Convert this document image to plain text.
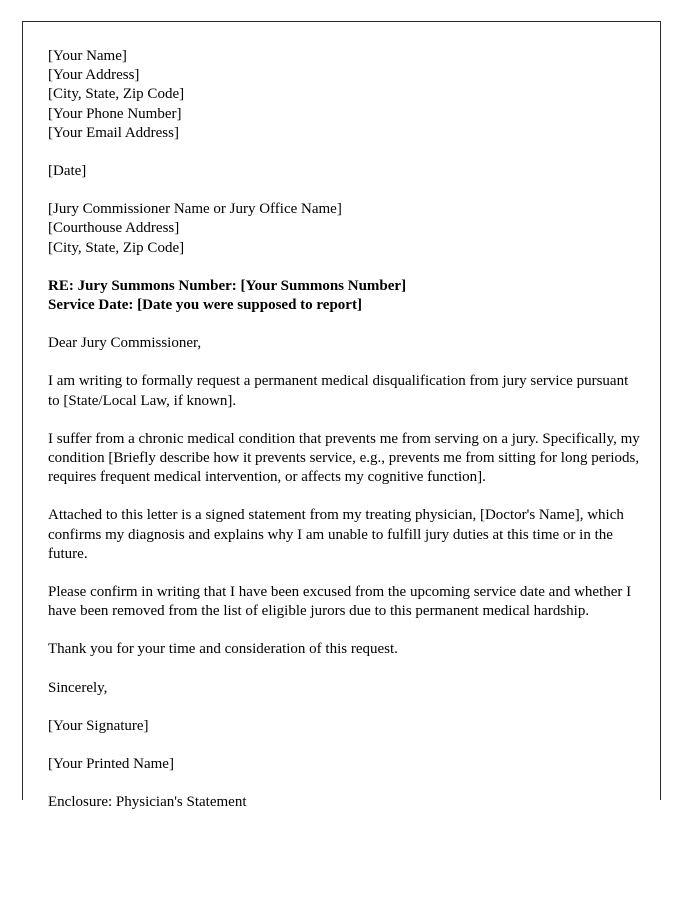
[Your Name]
[Your Address]
[City, State, Zip Code]
[Your Phone Number]
[Your Email Address]
[Date]
[Jury Commissioner Name or Jury Office Name]
[Courthouse Address]
[City, State, Zip Code]
RE: Jury Summons Number: [Your Summons Number]
Service Date: [Date you were supposed to report]

Dear Jury Commissioner,

I am writing to formally request a permanent medical disqualification from jury service pursuant to [State/Local Law, if known].

I suffer from a chronic medical condition that prevents me from serving on a jury. Specifically, my condition [Briefly describe how it prevents service, e.g., prevents me from sitting for long periods, requires frequent medical intervention, or affects my cognitive function].

Attached to this letter is a signed statement from my treating physician, [Doctor's Name], which confirms my diagnosis and explains why I am unable to fulfill jury duties at this time or in the future.

Please confirm in writing that I have been excused from the upcoming service date and whether I have been removed from the list of eligible jurors due to this permanent medical hardship.

Thank you for your time and consideration of this request.

Sincerely,

[Your Signature]

[Your Printed Name]

Enclosure: Physician's Statement
